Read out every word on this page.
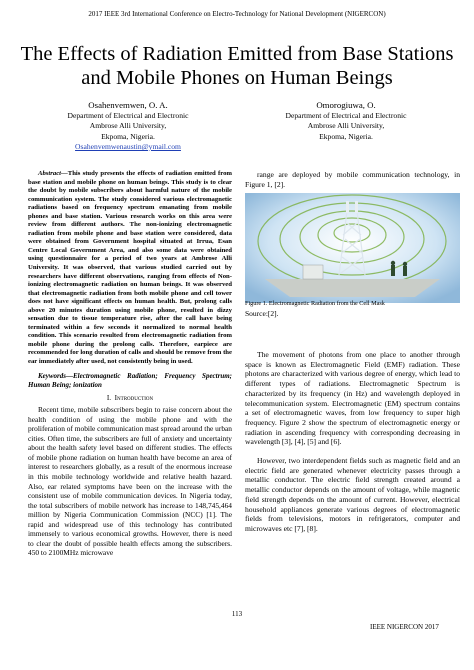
2017 IEEE 3rd International Conference on Electro-Technology for National Development (NIGERCON)
The Effects of Radiation Emitted from Base Stations
and Mobile Phones on Human Beings
Osahenvemwen, O. A.
Department of Electrical and Electronic
Ambrose Alli University,
Ekpoma, Nigeria.
Osahenvemwenaustin@ymail.com
Omorogiuwa, O.
Department of Electrical and Electronic
Ambrose Alli University,
Ekpoma, Nigeria.

Abstract—This study presents the effects of radiation emitted from base station and mobile phone on human beings. This study is to clear the doubt by mobile subscribers about harmful nature of the mobile communication system. The study considered various electromagnetic radiations based on frequency spectrum emanating from mobile phones and base station. Various research works on this area were review from different authors. The non-ionizing electromagnetic radiation from mobile phone and base station were considered, data were obtained from Government hospital situated at Irrua, Esan Centre Local Government Area, and also some data were obtained using questionnaire for a period of two years at Ambrose Alli University. It was observed, that various studied carried out by researchers have different observations, ranging from effects of Non-ionizing electromagnetic radiation on human beings. It was observed that electromagnetic radiation from both mobile phone and cell tower does not have significant effects on human health. But, prolong calls above 20 minutes duration using mobile phone, resulted in dizzy sensation due to tissue temperature rise, after the call have being terminated within a few seconds it normalized to normal health condition. This scenario resulted from electromagnetic radiation from mobile phone during the prolong calls. Therefore, earpiece are recommended for long duration of calls and should be remove from the ear immediately after used, not consistently being in used.

Keywords—Electromagnetic Radiation; Frequency Spectrum; Human Being; ionization

I. Introduction

Recent time, mobile subscribers begin to raise concern about the health condition of using the mobile phone and with the proliferation of mobile communication mast spread around the urban cities. Often time, the subscribers are full of anxiety and uncertainty about the health safety level based on different studies. The effects of mobile phone radiation on human health have become an area of interest to researchers globally, as a result of the enormous increase in this mobile technology worldwide and relative health hazard. Also, ear related symptoms have been on the increase with the consistent use of mobile communication devices. In Nigeria today, the total subscribers of mobile network has increase to 148,745,464 million by Nigeria Communication Commission (NCC) [1]. The rapid and widespread use of this technology has contributed immensely to various economical growths. However, there is need to clear the doubt of possible health effects among the subscribers. 450 to 2100MHz microwave

range are deployed by mobile communication technology, in Figure 1, [2].

Figure 1. Electromagnetic Radiation from the Cell Mask
Source:[2].

The movement of photons from one place to another through space is known as Electromagnetic Field (EMF) radiation. These photons are characterized with various degree of energy, which lead to different types of radiations. Electromagnetic Spectrum is characterized by its frequency (in Hz) and wavelength deployed in telecommunication system. Electromagnetic (EM) spectrum contains a set of electromagnetic waves, from low frequency to super high frequency. Figure 2 show the spectrum of electromagnetic energy or radiation in ascending frequency with corresponding decreasing in wavelength [3], [4], [5] and [6].

However, two interdependent fields such as magnetic field and an electric field are generated whenever electricity passes through a metallic conductor. The electric field strength created around a metallic conductor depends on the amount of voltage, while magnetic field strength depends on the amount of current. However, electrical household appliances generate various degrees of electromagnetic fields from televisions, motors in refrigerators, computer and microwaves etc [7], [8].

113
IEEE NIGERCON 2017
